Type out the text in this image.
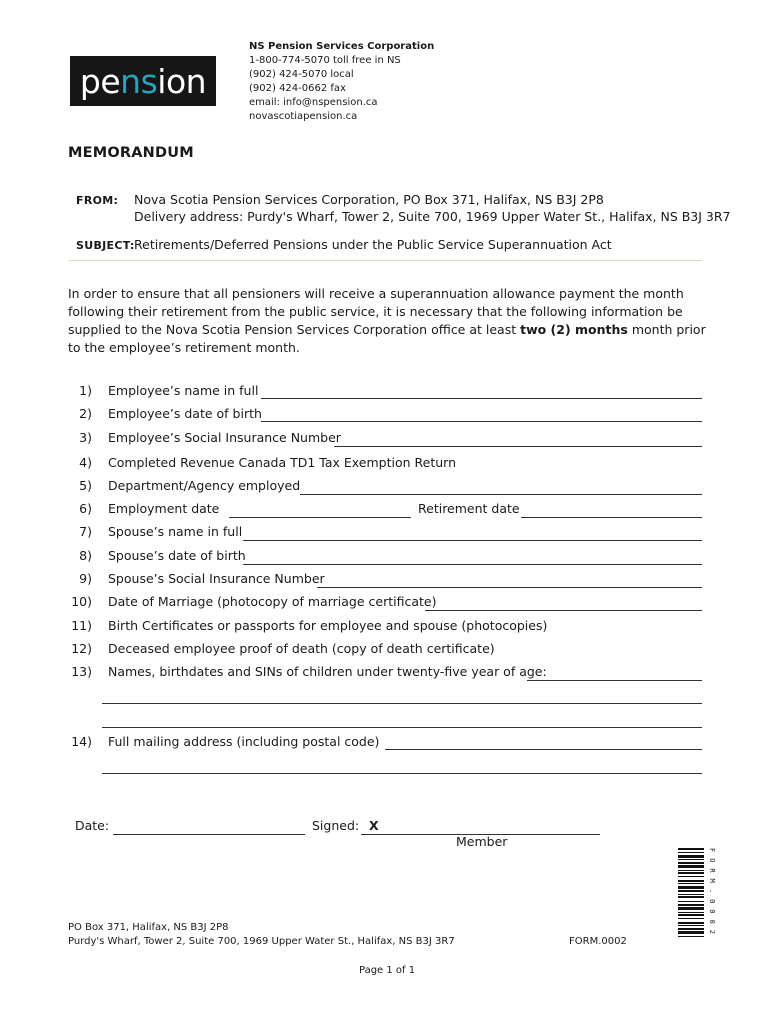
pe ns i on
NS Pension Services Corporation
1-800-774-5070 toll free in NS
(902) 424-5070 local
(902) 424-0662 fax
email: info@nspension.ca
novascotiapension.ca
MEMORANDUM
FROM: Nova Scotia Pension Services Corporation, PO Box 371, Halifax, NS B3J 2P8
Delivery address: Purdy's Wharf, Tower 2, Suite 700, 1969 Upper Water St., Halifax, NS B3J 3R7
SUBJECT: Retirements/Deferred Pensions under the Public Service Superannuation Act
In order to ensure that all pensioners will receive a superannuation allowance payment the month following their retirement from the public service, it is necessary that the following information be supplied to the Nova Scotia Pension Services Corporation office at least two (2) months month prior to the employee’s retirement month.
1) Employee’s name in full
2) Employee’s date of birth
3) Employee’s Social Insurance Number
4) Completed Revenue Canada TD1 Tax Exemption Return
5) Department/Agency employed
6) Employment date	Retirement date
7) Spouse’s name in full
8) Spouse’s date of birth
9) Spouse’s Social Insurance Number
10) Date of Marriage (photocopy of marriage certificate)
11) Birth Certificates or passports for employee and spouse (photocopies)
12) Deceased employee proof of death (copy of death certificate)
13) Names, birthdates and SINs of children under twenty-five year of age:
14) Full mailing address (including postal code)
Date:	Signed: X
Member
PO Box 371, Halifax, NS B3J 2P8
Purdy's Wharf, Tower 2, Suite 700, 1969 Upper Water St., Halifax, NS B3J 3R7	FORM.0002
Page 1 of 1
FORM.0002
